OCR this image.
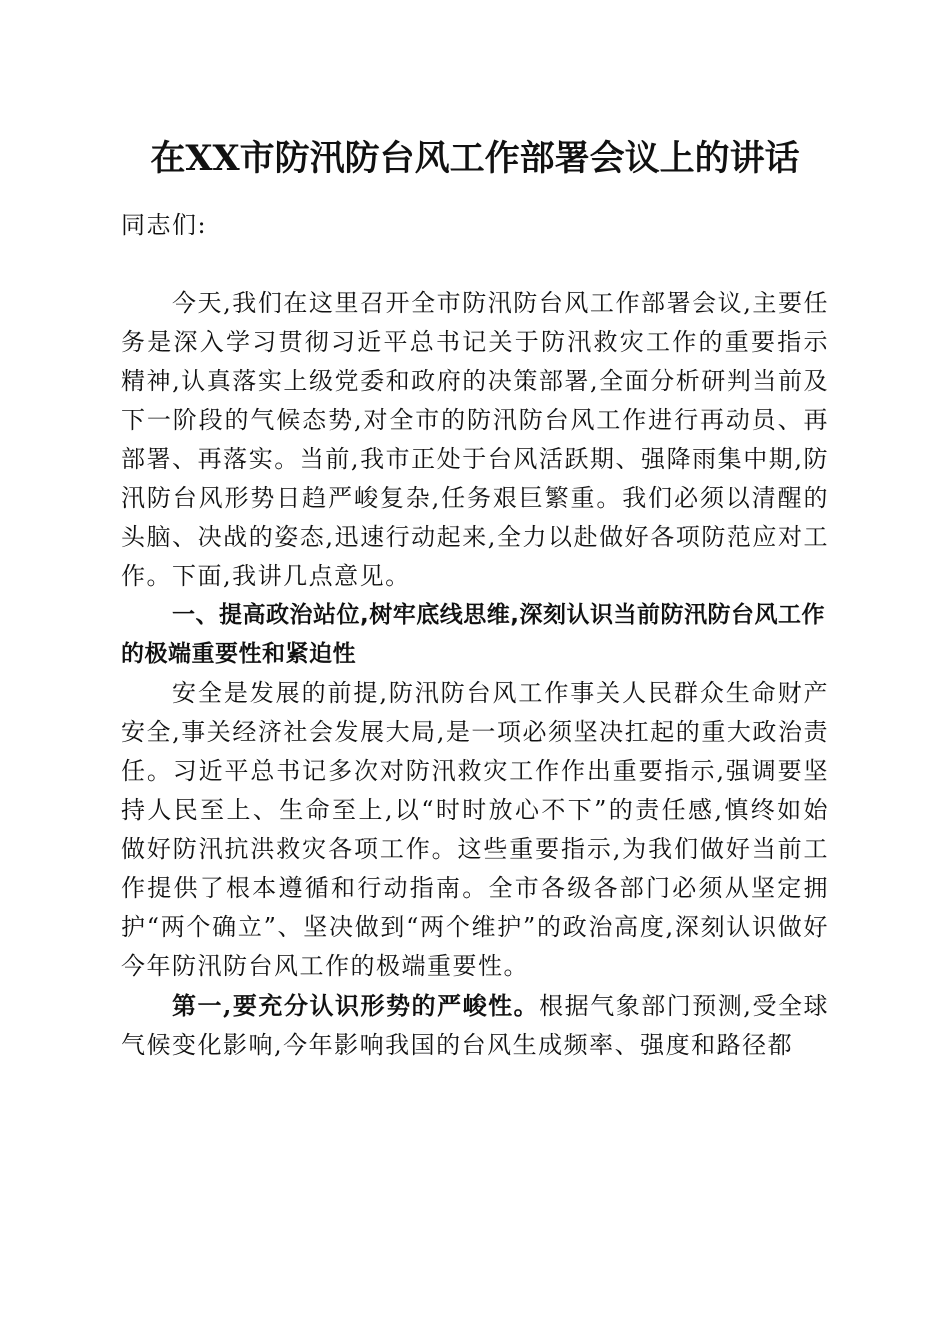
在XX市防汛防台风工作部署会议上的讲话
同志们:

今天,我们在这里召开全市防汛防台风工作部署会议,主要任务是深入学习贯彻习近平总书记关于防汛救灾工作的重要指示精神,认真落实上级党委和政府的决策部署,全面分析研判当前及下一阶段的气候态势,对全市的防汛防台风工作进行再动员、再部署、再落实。当前,我市正处于台风活跃期、强降雨集中期,防汛防台风形势日趋严峻复杂,任务艰巨繁重。我们必须以清醒的头脑、决战的姿态,迅速行动起来,全力以赴做好各项防范应对工作。下面,我讲几点意见。

一、提高政治站位,树牢底线思维,深刻认识当前防汛防台风工作的极端重要性和紧迫性

安全是发展的前提,防汛防台风工作事关人民群众生命财产安全,事关经济社会发展大局,是一项必须坚决扛起的重大政治责任。习近平总书记多次对防汛救灾工作作出重要指示,强调要坚持人民至上、生命至上,以“时时放心不下”的责任感,慎终如始做好防汛抗洪救灾各项工作。这些重要指示,为我们做好当前工作提供了根本遵循和行动指南。全市各级各部门必须从坚定拥护“两个确立”、坚决做到“两个维护”的政治高度,深刻认识做好今年防汛防台风工作的极端重要性。

第一,要充分认识形势的严峻性。根据气象部门预测,受全球气候变化影响,今年影响我国的台风生成频率、强度和路径都
